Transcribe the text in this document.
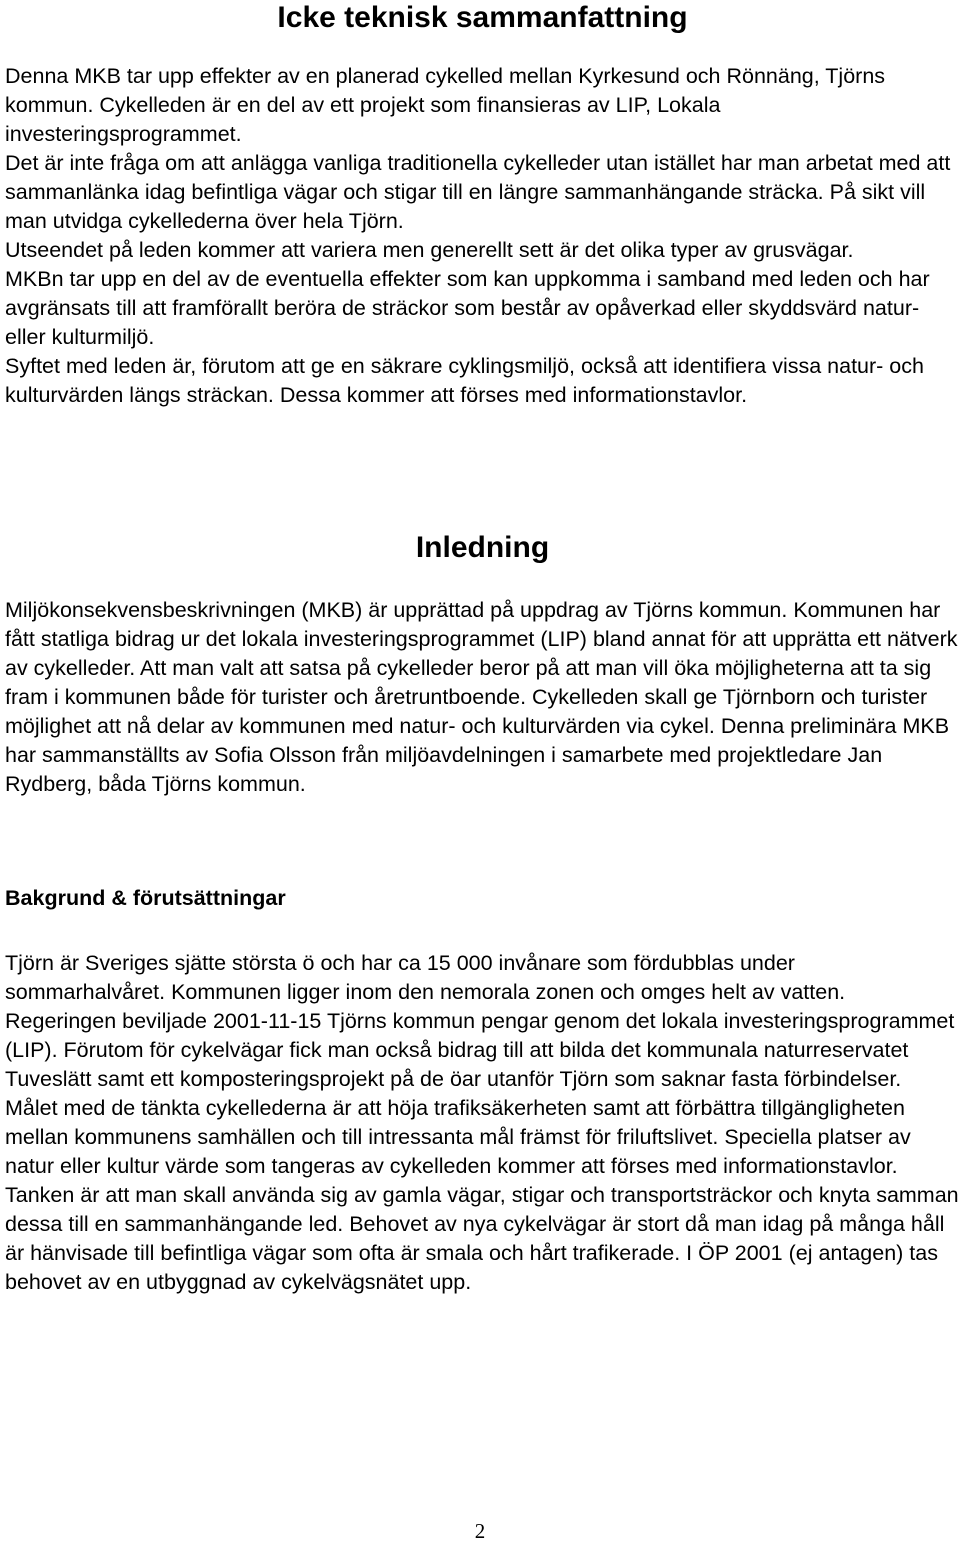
Icke teknisk sammanfattning

Denna MKB tar upp effekter av en planerad cykelled mellan Kyrkesund och Rönnäng, Tjörns kommun. Cykelleden är en del av ett projekt som finansieras av LIP, Lokala investeringsprogrammet.

Det är inte fråga om att anlägga vanliga traditionella cykelleder utan istället har man arbetat med att sammanlänka idag befintliga vägar och stigar till en längre sammanhängande sträcka. På sikt vill man utvidga cykellederna över hela Tjörn.

Utseendet på leden kommer att variera men generellt sett är det olika typer av grusvägar.

MKBn tar upp en del av de eventuella effekter som kan uppkomma i samband med leden och har avgränsats till att framförallt beröra de sträckor som består av opåverkad eller skyddsvärd natur- eller kulturmiljö.

Syftet med leden är, förutom att ge en säkrare cyklingsmiljö, också att identifiera vissa natur- och kulturvärden längs sträckan. Dessa kommer att förses med informationstavlor.

Inledning

Miljökonsekvensbeskrivningen (MKB) är upprättad på uppdrag av Tjörns kommun. Kommunen har fått statliga bidrag ur det lokala investeringsprogrammet (LIP) bland annat för att upprätta ett nätverk av cykelleder. Att man valt att satsa på cykelleder beror på att man vill öka möjligheterna att ta sig fram i kommunen både för turister och åretruntboende. Cykelleden skall ge Tjörnborn och turister möjlighet att nå delar av kommunen med natur- och kulturvärden via cykel. Denna preliminära MKB har sammanställts av Sofia Olsson från miljöavdelningen i samarbete med projektledare Jan Rydberg, båda Tjörns kommun.

Bakgrund & förutsättningar

Tjörn är Sveriges sjätte största ö och har ca 15 000 invånare som fördubblas under sommarhalvåret. Kommunen ligger inom den nemorala zonen och omges helt av vatten. Regeringen beviljade 2001-11-15 Tjörns kommun pengar genom det lokala investeringsprogrammet (LIP). Förutom för cykelvägar fick man också bidrag till att bilda det kommunala naturreservatet Tuveslätt samt ett komposteringsprojekt på de öar utanför Tjörn som saknar fasta förbindelser.

Målet med de tänkta cykellederna är att höja trafiksäkerheten samt att förbättra tillgängligheten mellan kommunens samhällen och till intressanta mål främst för friluftslivet. Speciella platser av natur eller kultur värde som tangeras av cykelleden kommer att förses med informationstavlor.

Tanken är att man skall använda sig av gamla vägar, stigar och transportsträckor och knyta samman dessa till en sammanhängande led. Behovet av nya cykelvägar är stort då man idag på många håll är hänvisade till befintliga vägar som ofta är smala och hårt trafikerade. I ÖP 2001 (ej antagen) tas behovet av en utbyggnad av cykelvägsnätet upp.

2
